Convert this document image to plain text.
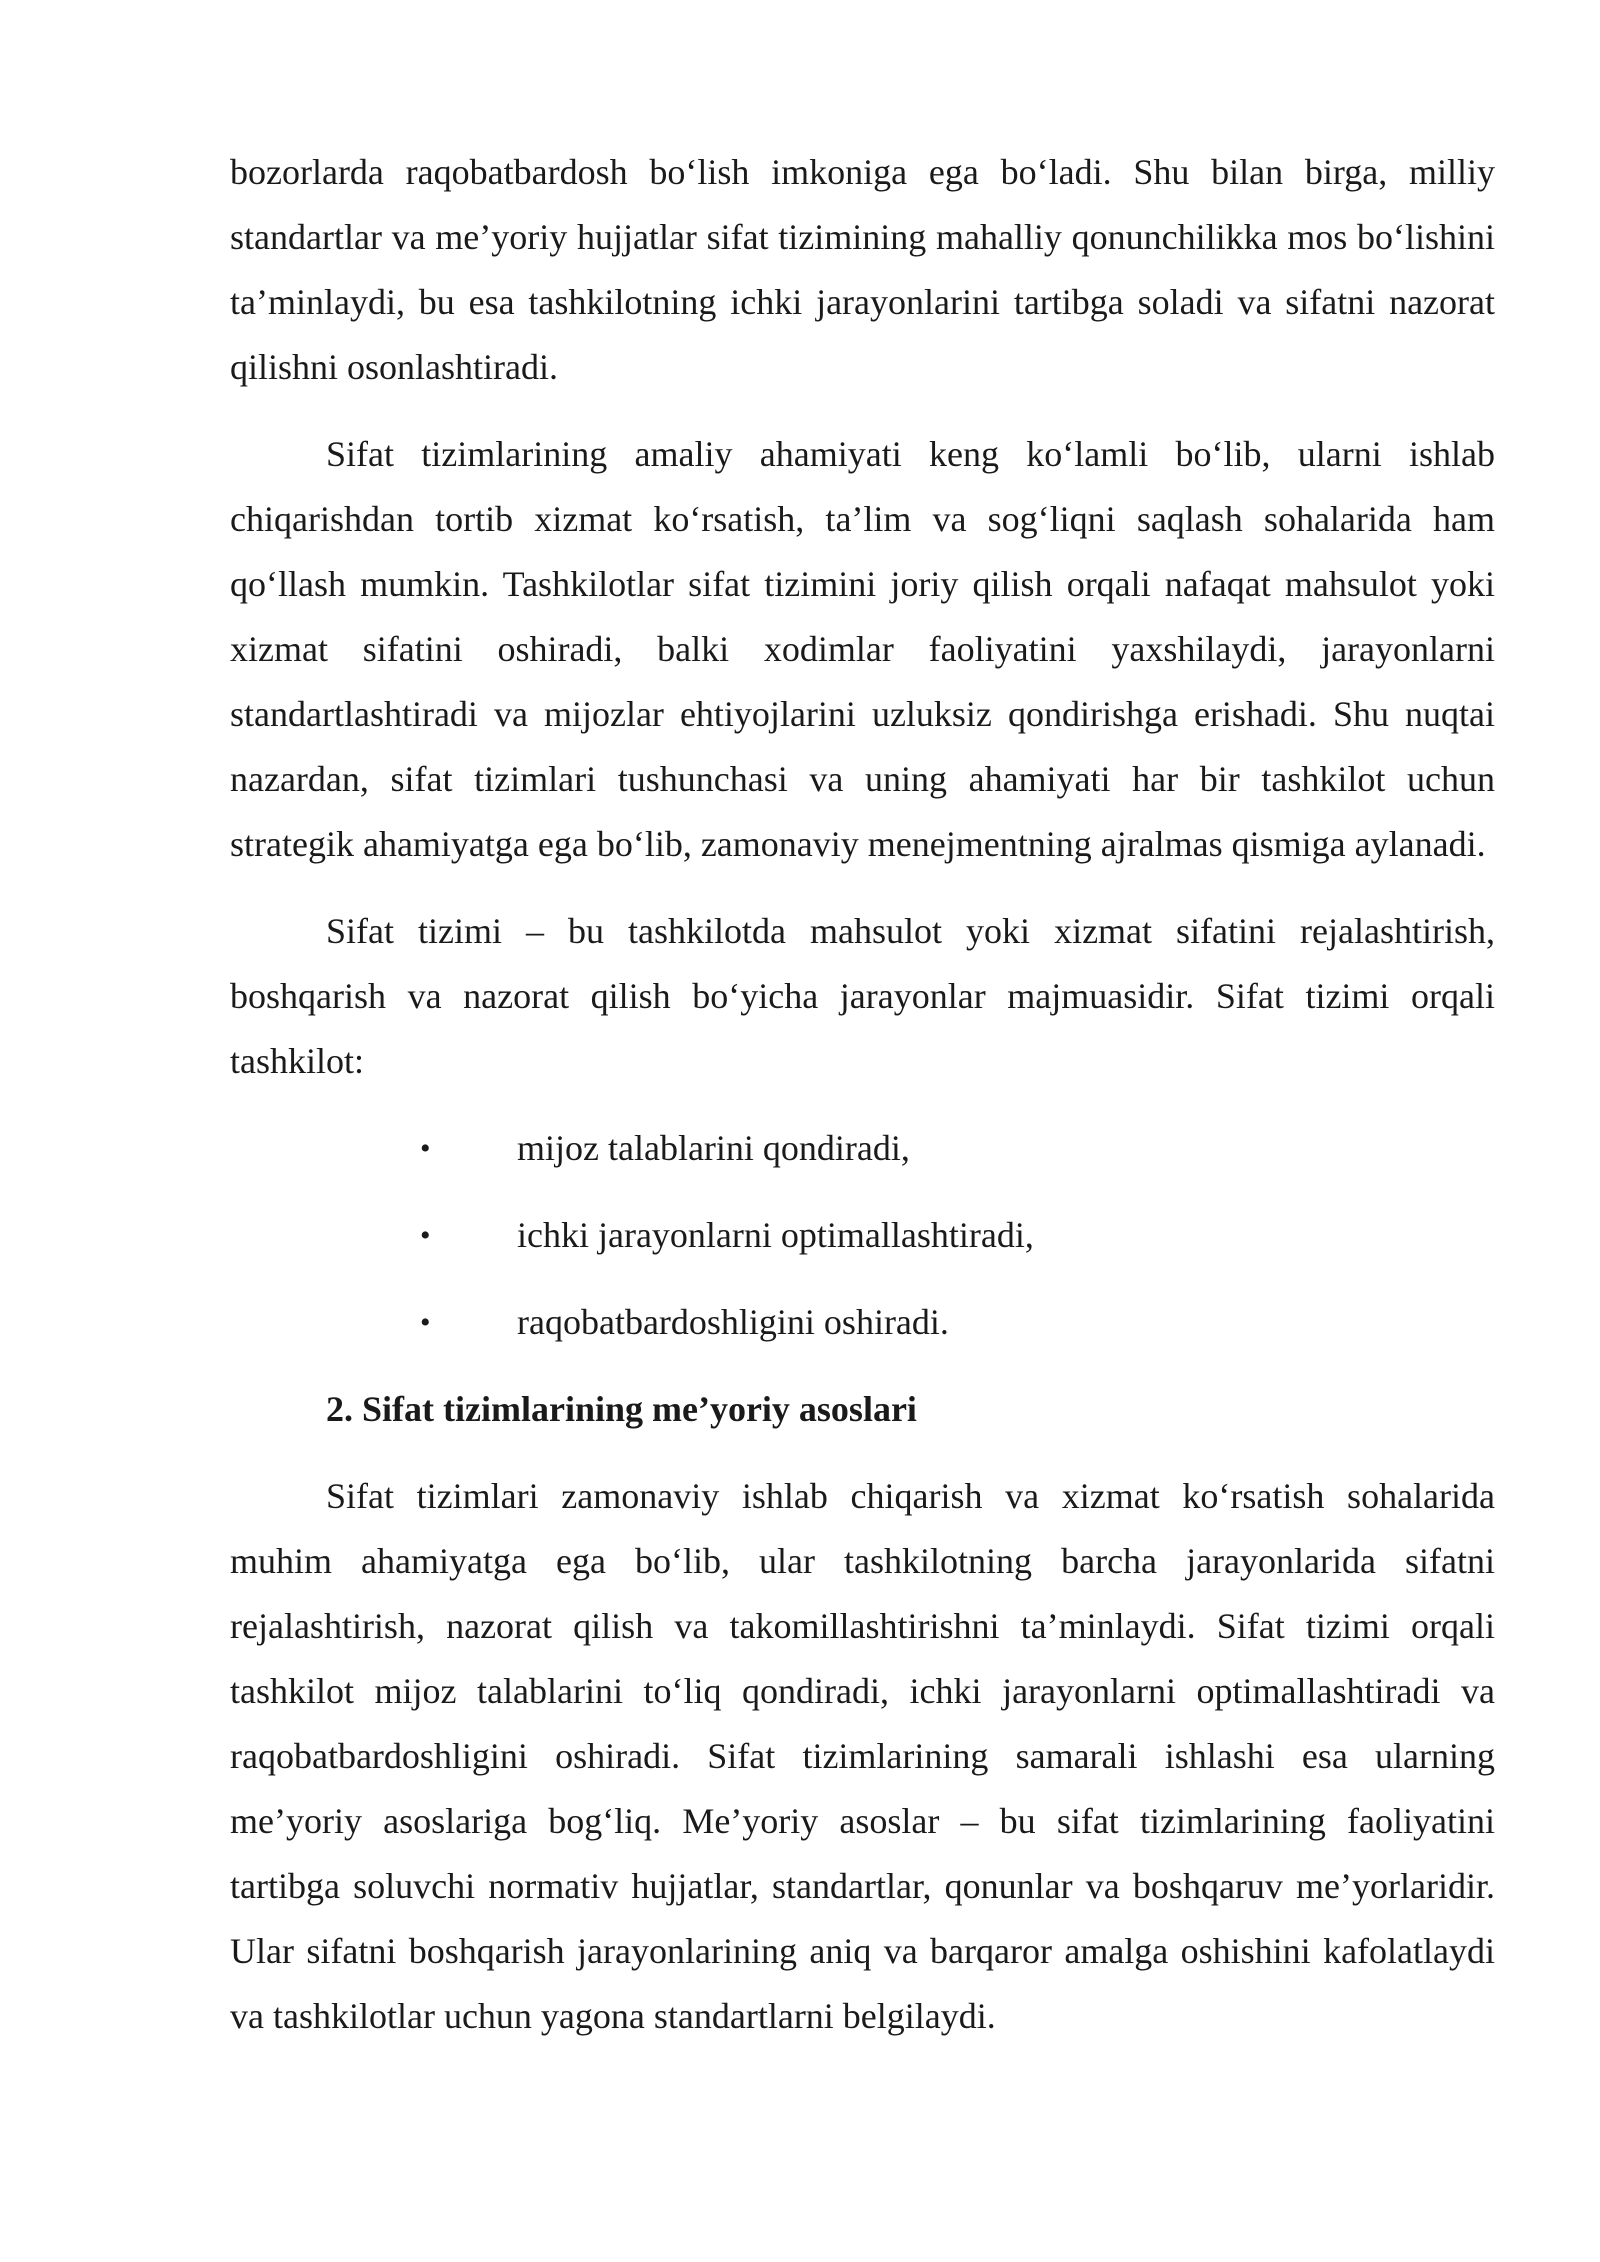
bozorlarda raqobatbardosh bo‘lish imkoniga ega bo‘ladi. Shu bilan birga, milliy standartlar va me’yoriy hujjatlar sifat tizimining mahalliy qonunchilikka mos bo‘lishini ta’minlaydi, bu esa tashkilotning ichki jarayonlarini tartibga soladi va sifatni nazorat qilishni osonlashtiradi.

Sifat tizimlarining amaliy ahamiyati keng ko‘lamli bo‘lib, ularni ishlab chiqarishdan tortib xizmat ko‘rsatish, ta’lim va sog‘liqni saqlash sohalarida ham qo‘llash mumkin. Tashkilotlar sifat tizimini joriy qilish orqali nafaqat mahsulot yoki xizmat sifatini oshiradi, balki xodimlar faoliyatini yaxshilaydi, jarayonlarni standartlashtiradi va mijozlar ehtiyojlarini uzluksiz qondirishga erishadi. Shu nuqtai nazardan, sifat tizimlari tushunchasi va uning ahamiyati har bir tashkilot uchun strategik ahamiyatga ega bo‘lib, zamonaviy menejmentning ajralmas qismiga aylanadi.

Sifat tizimi – bu tashkilotda mahsulot yoki xizmat sifatini rejalashtirish, boshqarish va nazorat qilish bo‘yicha jarayonlar majmuasidir. Sifat tizimi orqali tashkilot:

• mijoz talablarini qondiradi,
• ichki jarayonlarni optimallashtiradi,
• raqobatbardoshligini oshiradi.
2. Sifat tizimlarining me’yoriy asoslari

Sifat tizimlari zamonaviy ishlab chiqarish va xizmat ko‘rsatish sohalarida muhim ahamiyatga ega bo‘lib, ular tashkilotning barcha jarayonlarida sifatni rejalashtirish, nazorat qilish va takomillashtirishni ta’minlaydi. Sifat tizimi orqali tashkilot mijoz talablarini to‘liq qondiradi, ichki jarayonlarni optimallashtiradi va raqobatbardoshligini oshiradi. Sifat tizimlarining samarali ishlashi esa ularning me’yoriy asoslariga bog‘liq. Me’yoriy asoslar – bu sifat tizimlarining faoliyatini tartibga soluvchi normativ hujjatlar, standartlar, qonunlar va boshqaruv me’yorlaridir. Ular sifatni boshqarish jarayonlarining aniq va barqaror amalga oshishini kafolatlaydi va tashkilotlar uchun yagona standartlarni belgilaydi.
